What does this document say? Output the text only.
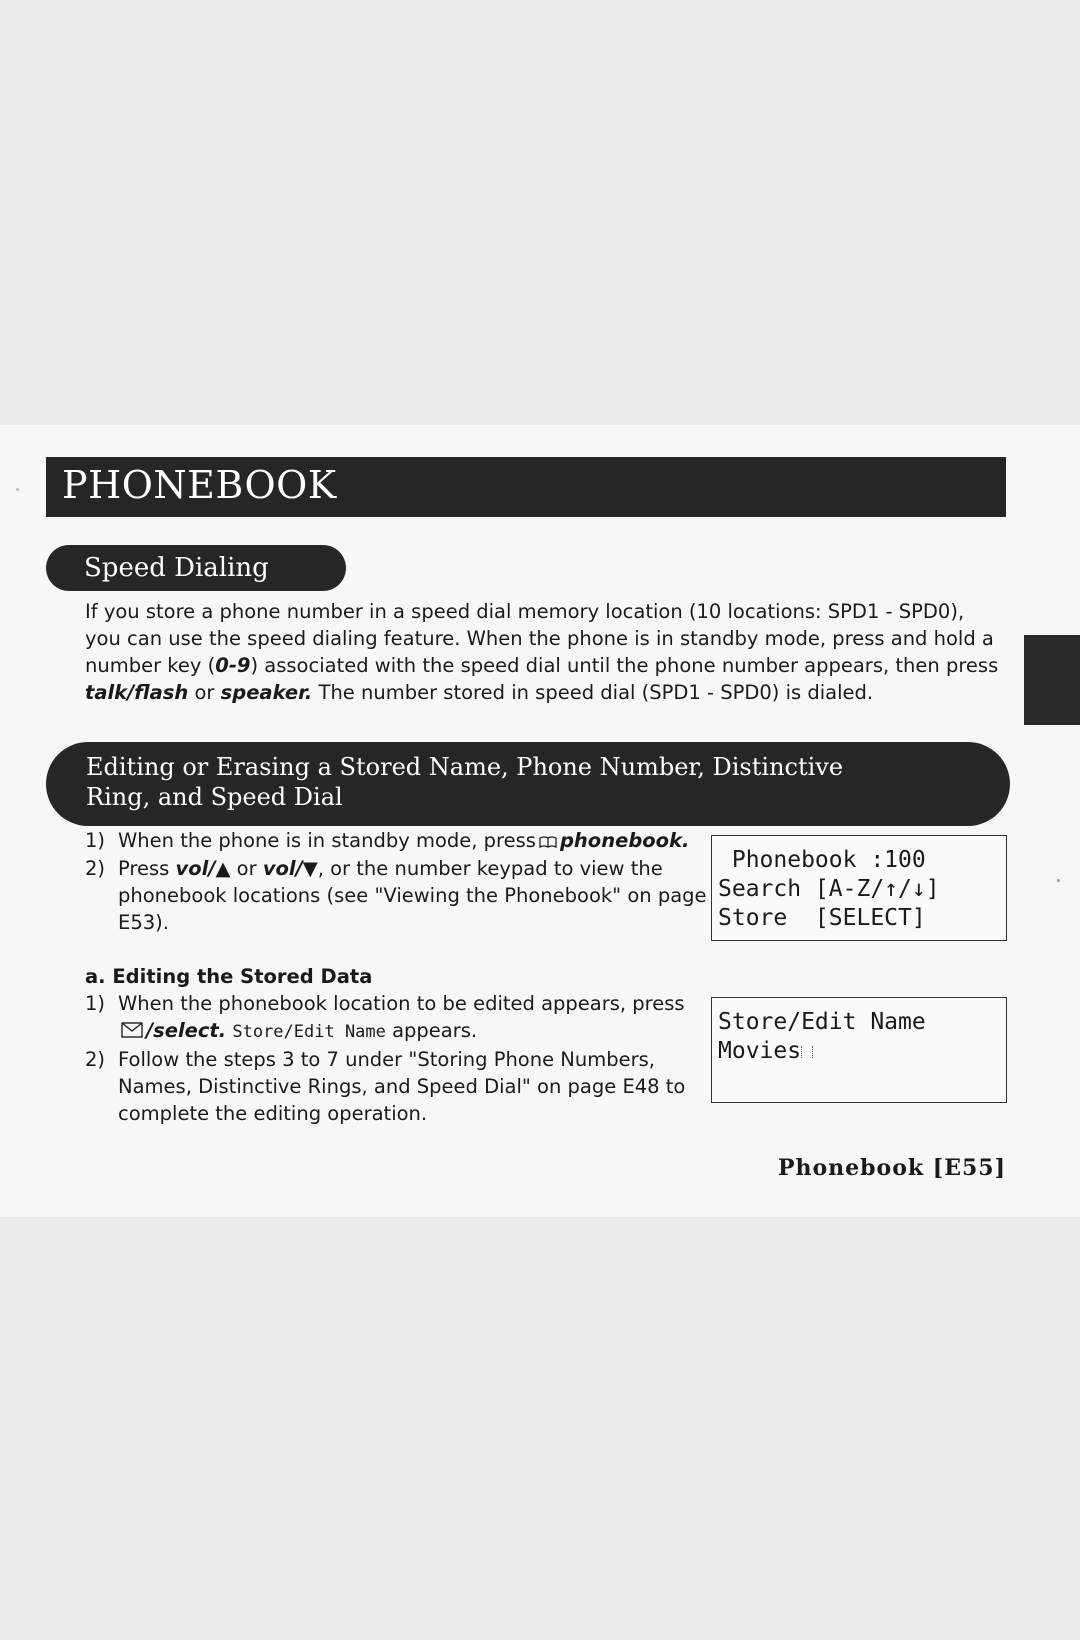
PHONEBOOK
Speed Dialing

If you store a phone number in a speed dial memory location (10 locations: SPD1 - SPD0), you can use the speed dialing feature. When the phone is in standby mode, press and hold a number key (0-9) associated with the speed dial until the phone number appears, then press talk/flash or speaker. The number stored in speed dial (SPD1 - SPD0) is dialed.

Editing or Erasing a Stored Name, Phone Number, Distinctive
Ring, and Speed Dial
1) When the phone is in standby mode, press phonebook.
2) Press vol/▲ or vol/▼, or the number keypad to view the phonebook locations (see "Viewing the Phonebook" on page E53).
Phonebook :100
Search [A-Z/↑/↓]
Store  [SELECT]

a. Editing the Stored Data

1) When the phonebook location to be edited appears, press
/select. Store/Edit Name appears.
2) Follow the steps 3 to 7 under "Storing Phone Numbers, Names, Distinctive Rings, and Speed Dial" on page E48 to complete the editing operation.
Store/Edit Name
Movies

Phonebook [E55]
